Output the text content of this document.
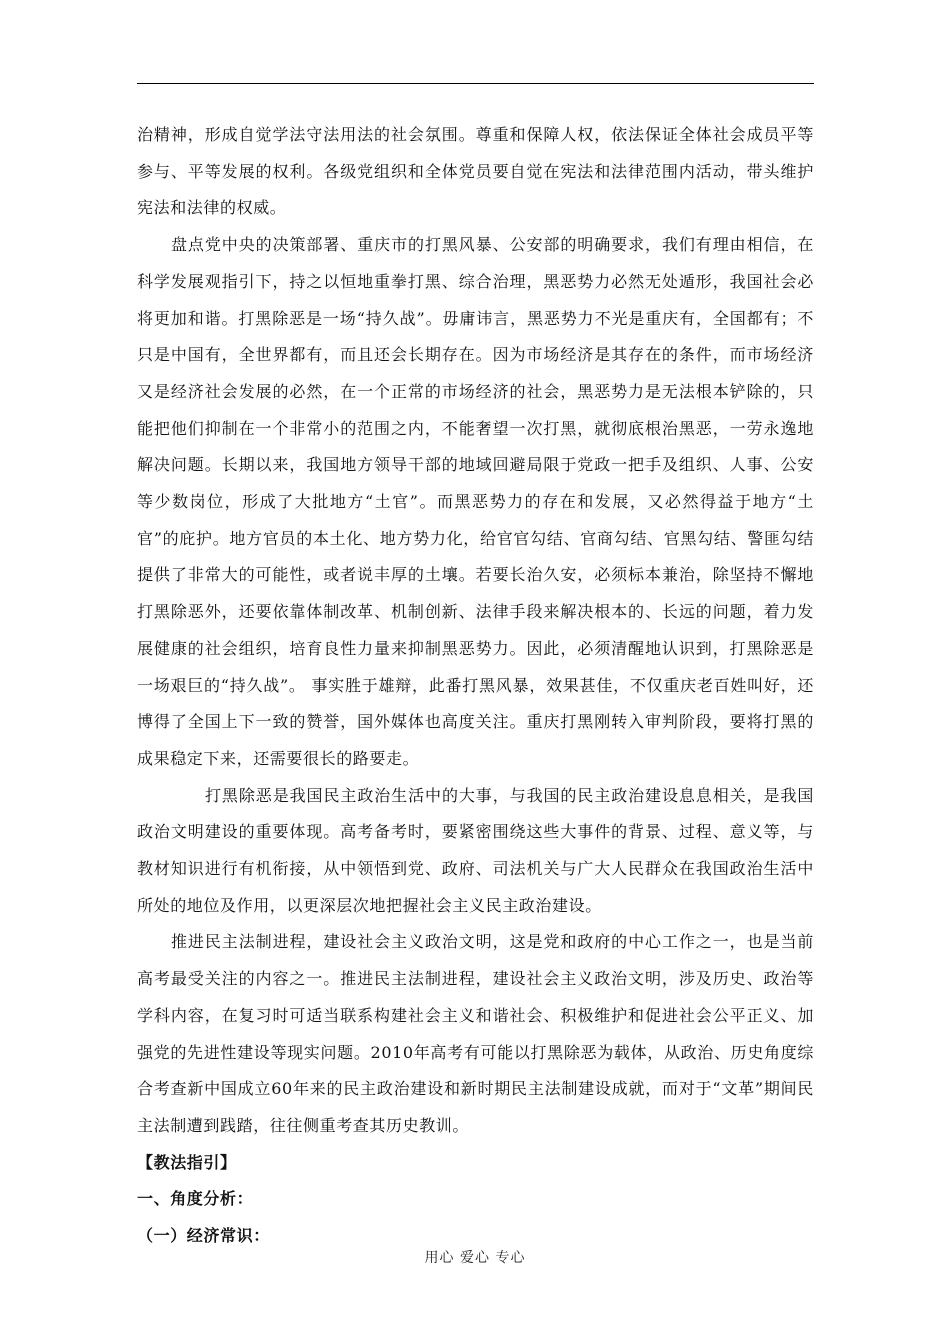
治精神，形成自觉学法守法用法的社会氛围。尊重和保障人权，依法保证全体社会成员平等参与、平等发展的权利。各级党组织和全体党员要自觉在宪法和法律范围内活动，带头维护宪法和法律的权威。

盘点党中央的决策部署、重庆市的打黑风暴、公安部的明确要求，我们有理由相信，在科学发展观指引下，持之以恒地重拳打黑、综合治理，黑恶势力必然无处遁形，我国社会必将更加和谐。打黑除恶是一场“持久战”。毋庸讳言，黑恶势力不光是重庆有，全国都有；不只是中国有，全世界都有，而且还会长期存在。因为市场经济是其存在的条件，而市场经济又是经济社会发展的必然，在一个正常的市场经济的社会，黑恶势力是无法根本铲除的，只能把他们抑制在一个非常小的范围之内，不能奢望一次打黑，就彻底根治黑恶，一劳永逸地解决问题。长期以来，我国地方领导干部的地域回避局限于党政一把手及组织、人事、公安等少数岗位，形成了大批地方“土官”。而黑恶势力的存在和发展，又必然得益于地方“土官”的庇护。地方官员的本土化、地方势力化，给官官勾结、官商勾结、官黑勾结、警匪勾结提供了非常大的可能性，或者说丰厚的土壤。若要长治久安，必须标本兼治，除坚持不懈地打黑除恶外，还要依靠体制改革、机制创新、法律手段来解决根本的、长远的问题，着力发展健康的社会组织，培育良性力量来抑制黑恶势力。因此，必须清醒地认识到，打黑除恶是一场艰巨的“持久战”。 事实胜于雄辩，此番打黑风暴，效果甚佳，不仅重庆老百姓叫好，还博得了全国上下一致的赞誉，国外媒体也高度关注。重庆打黑刚转入审判阶段，要将打黑的成果稳定下来，还需要很长的路要走。

打黑除恶是我国民主政治生活中的大事，与我国的民主政治建设息息相关，是我国政治文明建设的重要体现。高考备考时，要紧密围绕这些大事件的背景、过程、意义等，与教材知识进行有机衔接，从中领悟到党、政府、司法机关与广大人民群众在我国政治生活中所处的地位及作用，以更深层次地把握社会主义民主政治建设。

推进民主法制进程，建设社会主义政治文明，这是党和政府的中心工作之一，也是当前高考最受关注的内容之一。推进民主法制进程，建设社会主义政治文明，涉及历史、政治等学科内容，在复习时可适当联系构建社会主义和谐社会、积极维护和促进社会公平正义、加强党的先进性建设等现实问题。2010年高考有可能以打黑除恶为载体，从政治、历史角度综合考查新中国成立60年来的民主政治建设和新时期民主法制建设成就，而对于“文革”期间民主法制遭到践踏，往往侧重考查其历史教训。

【教法指引】

一、角度分析：

（一）经济常识：

用心 爱心 专心
